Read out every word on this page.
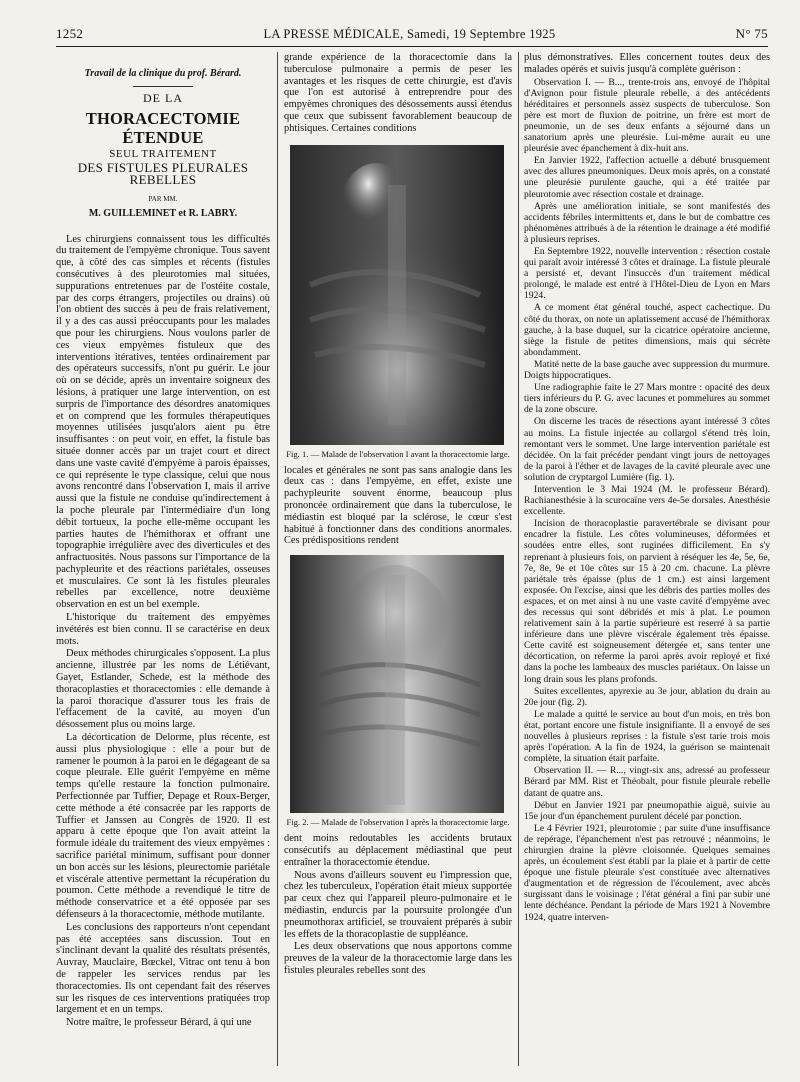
1252	LA PRESSE MÉDICALE, Samedi, 19 Septembre 1925	N° 75
Travail de la clinique du prof. Bérard.
DE LA
THORACECTOMIE ÉTENDUE
SEUL TRAITEMENT
DES FISTULES PLEURALES REBELLES
PAR MM.
M. GUILLEMINET et R. LABRY.

Les chirurgiens connaissent tous les difficultés du traitement de l'empyème chronique. Tous savent que, à côté des cas simples et récents (fistules consécutives à des pleurotomies mal situées, suppurations entretenues par de l'ostéite costale, par des corps étrangers, projectiles ou drains) où l'on obtient des succès à peu de frais relativement, il y a des cas aussi préoccupants pour les malades que pour les chirurgiens. Nous voulons parler de ces vieux empyèmes fistuleux que des interventions itératives, tentées ordinairement par des opérateurs successifs, n'ont pu guérir. Le jour où on se décide, après un inventaire soigneux des lésions, à pratiquer une large intervention, on est surpris de l'importance des désordres anatomiques et on comprend que les formules thérapeutiques moyennes utilisées jusqu'alors aient pu être insuffisantes : on peut voir, en effet, la fistule bas située donner accès par un trajet court et direct dans une vaste cavité d'empyème à parois épaisses, ce qui représente le type classique, celui que nous avons rencontré dans l'observation I, mais il arrive aussi que la fistule ne conduise qu'indirectement à la poche pleurale par l'intermédiaire d'un long débit tortueux, la poche elle-même occupant les parties hautes de l'hémithorax et offrant une topographie irrégulière avec des diverticules et des anfractuosités. Nous passons sur l'importance de la pachypleurite et des réactions pariétales, osseuses et musculaires. Ce sont là les fistules pleurales rebelles par excellence, notre deuxième observation en est un bel exemple.

L'historique du traitement des empyèmes invétérés est bien connu. Il se caractérise en deux mots.

Deux méthodes chirurgicales s'opposent. La plus ancienne, illustrée par les noms de Létiévant, Gayet, Estlander, Schede, est la méthode des thoracoplasties et thoracectomies : elle demande à la paroi thoracique d'assurer tous les frais de l'effacement de la cavité, au moyen d'un désossement plus ou moins large.

La décortication de Delorme, plus récente, est aussi plus physiologique : elle a pour but de ramener le poumon à la paroi en le dégageant de sa coque pleurale. Elle guérit l'empyème en même temps qu'elle restaure la fonction pulmonaire. Perfectionnée par Tuffier, Depage et Roux-Berger, cette méthode a été consacrée par les rapports de Tuffier et Janssen au Congrès de 1920. Il est apparu à cette époque que l'on avait atteint la formule idéale du traitement des vieux empyèmes : sacrifice pariétal minimum, suffisant pour donner un bon accès sur les lésions, pleurectomie pariétale et viscérale attentive permettant la récupération du poumon. Cette méthode a revendiqué le titre de méthode conservatrice et a été opposée par ses défenseurs à la thoracectomie, méthode mutilante.

Les conclusions des rapporteurs n'ont cependant pas été acceptées sans discussion. Tout en s'inclinant devant la qualité des résultats présentés, Auvray, Mauclaire, Bœckel, Vitrac ont tenu à bon de rappeler les services rendus par les thoracectomies. Ils ont cependant fait des réserves sur les risques de ces interventions pratiquées trop largement et en un temps.

Notre maître, le professeur Bérard, à qui une

grande expérience de la thoracectomie dans la tuberculose pulmonaire a permis de peser les avantages et les risques de cette chirurgie, est d'avis que l'on est autorisé à entreprendre pour des empyèmes chroniques des désossements aussi étendus que ceux que subissent favorablement beaucoup de phtisiques. Certaines conditions

Fig. 1. — Malade de l'observation I avant la thoracectomie large.

locales et générales ne sont pas sans analogie dans les deux cas : dans l'empyème, en effet, existe une pachypleurite souvent énorme, beaucoup plus prononcée ordinairement que dans la tuberculose, le médiastin est bloqué par la sclérose, le cœur s'est habitué à fonctionner dans des conditions anormales. Ces prédispositions rendent

Fig. 2. — Malade de l'observation I après la thoracectomie large.

dent moins redoutables les accidents brutaux consécutifs au déplacement médiastinal que peut entraîner la thoracectomie étendue.

Nous avons d'ailleurs souvent eu l'impression que, chez les tuberculeux, l'opération était mieux supportée par ceux chez qui l'appareil pleuro-pulmonaire et le médiastin, endurcis par la poursuite prolongée d'un pneumothorax artificiel, se trouvaient préparés à subir les effets de la thoracoplastie de suppléance.

Les deux observations que nous apportons comme preuves de la valeur de la thoracectomie large dans les fistules pleurales rebelles sont des

plus démonstratives. Elles concernent toutes deux des malades opérés et suivis jusqu'à complète guérison :

Observation I. — B..., trente-trois ans, envoyé de l'hôpital d'Avignon pour fistule pleurale rebelle, a des antécédents héréditaires et personnels assez suspects de tuberculose. Son père est mort de fluxion de poitrine, un frère est mort de pneumonie, un de ses deux enfants a séjourné dans un sanatorium après une pleurésie. Lui-même aurait eu une pleurésie avec épanchement à dix-huit ans.

En Janvier 1922, l'affection actuelle a débuté brusquement avec des allures pneumoniques. Deux mois après, on a constaté une pleurésie purulente gauche, qui a été traitée par pleurotomie avec résection costale et drainage.

Après une amélioration initiale, se sont manifestés des accidents fébriles intermittents et, dans le but de combattre ces phénomènes attribués à de la rétention le drainage a été modifié à plusieurs reprises.

En Septembre 1922, nouvelle intervention : résection costale qui paraît avoir intéressé 3 côtes et drainage. La fistule pleurale a persisté et, devant l'insuccès d'un traitement médical prolongé, le malade est entré à l'Hôtel-Dieu de Lyon en Mars 1924.

A ce moment état général touché, aspect cachectique. Du côté du thorax, on note un aplatissement accusé de l'hémithorax gauche, à la base duquel, sur la cicatrice opératoire ancienne, siège la fistule de petites dimensions, mais qui sécrète abondamment.

Matité nette de la base gauche avec suppression du murmure. Doigts hippocratiques.

Une radiographie faite le 27 Mars montre : opacité des deux tiers inférieurs du P. G. avec lacunes et pommelures au sommet de la zone obscure.

On discerne les traces de résections ayant intéressé 3 côtes au moins. La fistule injectée au collargol s'étend très loin, remontant vers le sommet. Une large intervention pariétale est décidée. On la fait précéder pendant vingt jours de nettoyages de la paroi à l'éther et de lavages de la cavité pleurale avec une solution de cryptargol Lumière (fig. 1).

Intervention le 3 Mai 1924 (M. le professeur Bérard). Rachianesthésie à la scurocaïne vers 4e-5e dorsales. Anesthésie excellente.

Incision de thoracoplastie paravertébrale se divisant pour encadrer la fistule. Les côtes volumineuses, déformées et soudées entre elles, sont ruginées difficilement. En s'y reprenant à plusieurs fois, on parvient à réséquer les 4e, 5e, 6e, 7e, 8e, 9e et 10e côtes sur 15 à 20 cm. chacune. La plèvre pariétale très épaisse (plus de 1 cm.) est ainsi largement exposée. On l'excise, ainsi que les débris des parties molles des espaces, et on met ainsi à nu une vaste cavité d'empyème avec des recessus qui sont débridés et mis à plat. Le poumon relativement sain à la partie supérieure est reserré à sa partie inférieure dans une plèvre viscérale également très épaisse. Cette cavité est soigneusement détergée et, sans tenter une décortication, on referme la paroi après avoir reployé et fixé dans la poche les lambeaux des muscles pariétaux. On laisse un long drain sous les plans profonds.

Suites excellentes, apyrexie au 3e jour, ablation du drain au 20e jour (fig. 2).

Le malade a quitté le service au bout d'un mois, en très bon état, portant encore une fistule insignifiante. Il a envoyé de ses nouvelles à plusieurs reprises : la fistule s'est tarie trois mois après l'opération. A la fin de 1924, la guérison se maintenait complète, la situation était parfaite.

Observation II. — R..., vingt-six ans, adressé au professeur Bérard par MM. Rist et Théobalt, pour fistule pleurale rebelle datant de quatre ans.

Début en Janvier 1921 par pneumopathie aiguë, suivie au 15e jour d'un épanchement purulent décelé par ponction.

Le 4 Février 1921, pleurotomie ; par suite d'une insuffisance de repérage, l'épanchement n'est pas retrouvé ; néanmoins, le chirurgien draine la plèvre cloisonnée. Quelques semaines après, un écoulement s'est établi par la plaie et à partir de cette époque une fistule pleurale s'est constituée avec alternatives d'augmentation et de régression de l'écoulement, avec abcès surgissant dans le voisinage ; l'état général a fini par subir une lente déchéance. Pendant la période de Mars 1921 à Novembre 1924, quatre interven-
